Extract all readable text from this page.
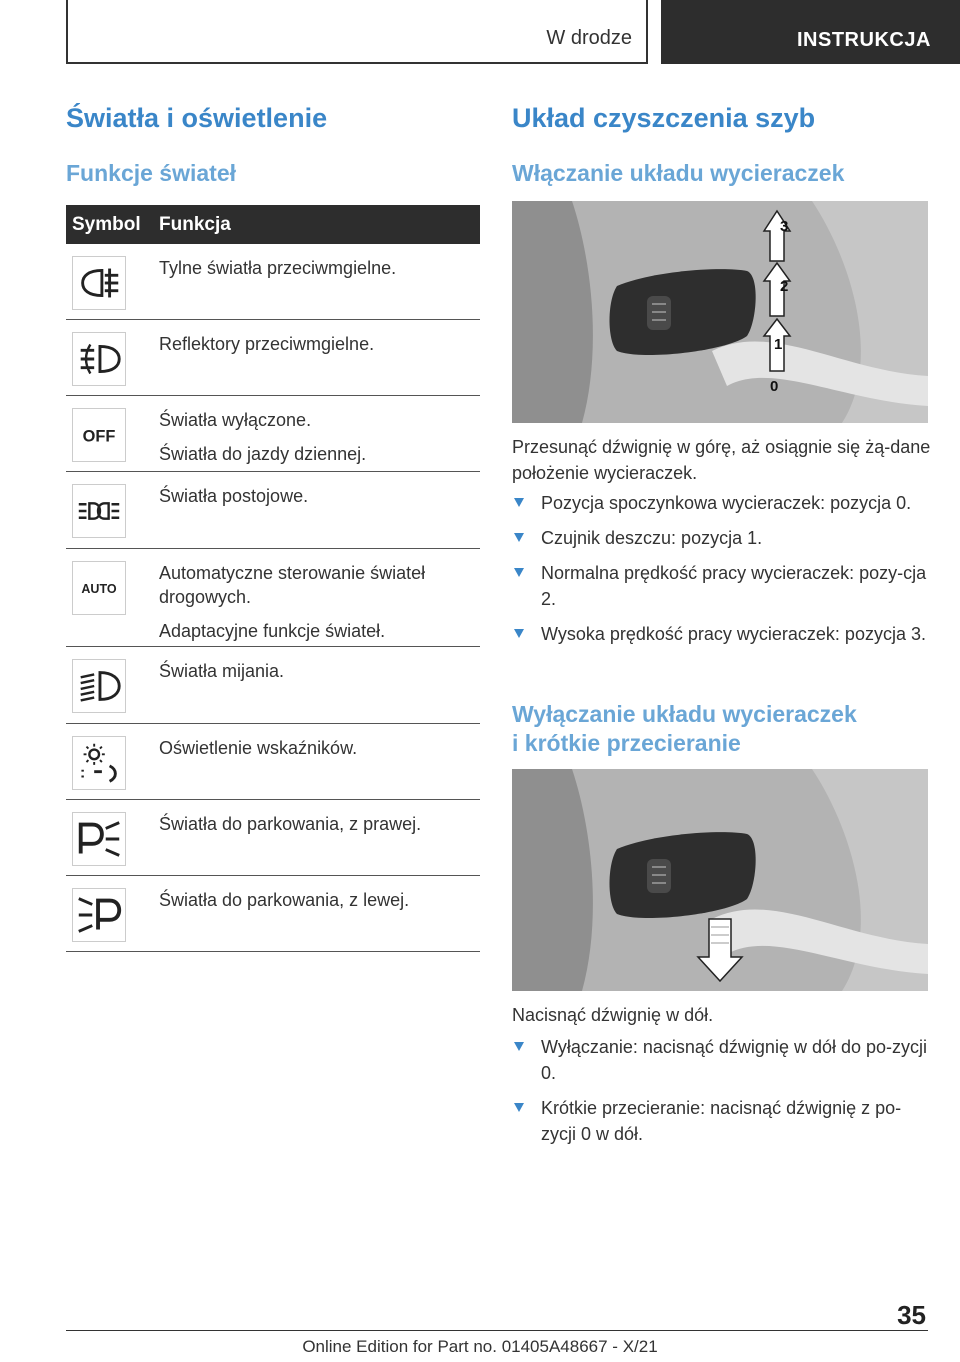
W drodze	INSTRUKCJA
Światła i oświetlenie
Funkcje świateł
Symbol Funkcja

Tylne światła przeciwmgielne.

Reflektory przeciwmgielne.

OFF

Światła wyłączone.

Światła do jazdy dziennej.

Światła postojowe.

AUTO

Automatyczne sterowanie świateł drogowych.

Adaptacyjne funkcje świateł.

Światła mijania.

Oświetlenie wskaźników.

Światła do parkowania, z prawej.

Światła do parkowania, z lewej.

Układ czyszczenia szyb
Włączanie układu wycieraczek
3
2
1
0

Przesunąć dźwignię w górę, aż osiągnie się żą-dane położenie wycieraczek.

Pozycja spoczynkowa wycieraczek: pozycja 0.
Czujnik deszczu: pozycja 1.
Normalna prędkość pracy wycieraczek: pozy-cja 2.
Wysoka prędkość pracy wycieraczek: pozycja 3.
Wyłączanie układu wycieraczek
i krótkie przecieranie

Nacisnąć dźwignię w dół.

Wyłączanie: nacisnąć dźwignię w dół do po-zycji 0.
Krótkie przecieranie: nacisnąć dźwignię z po-zycji 0 w dół.
35
Online Edition for Part no. 01405A48667 - X/21
